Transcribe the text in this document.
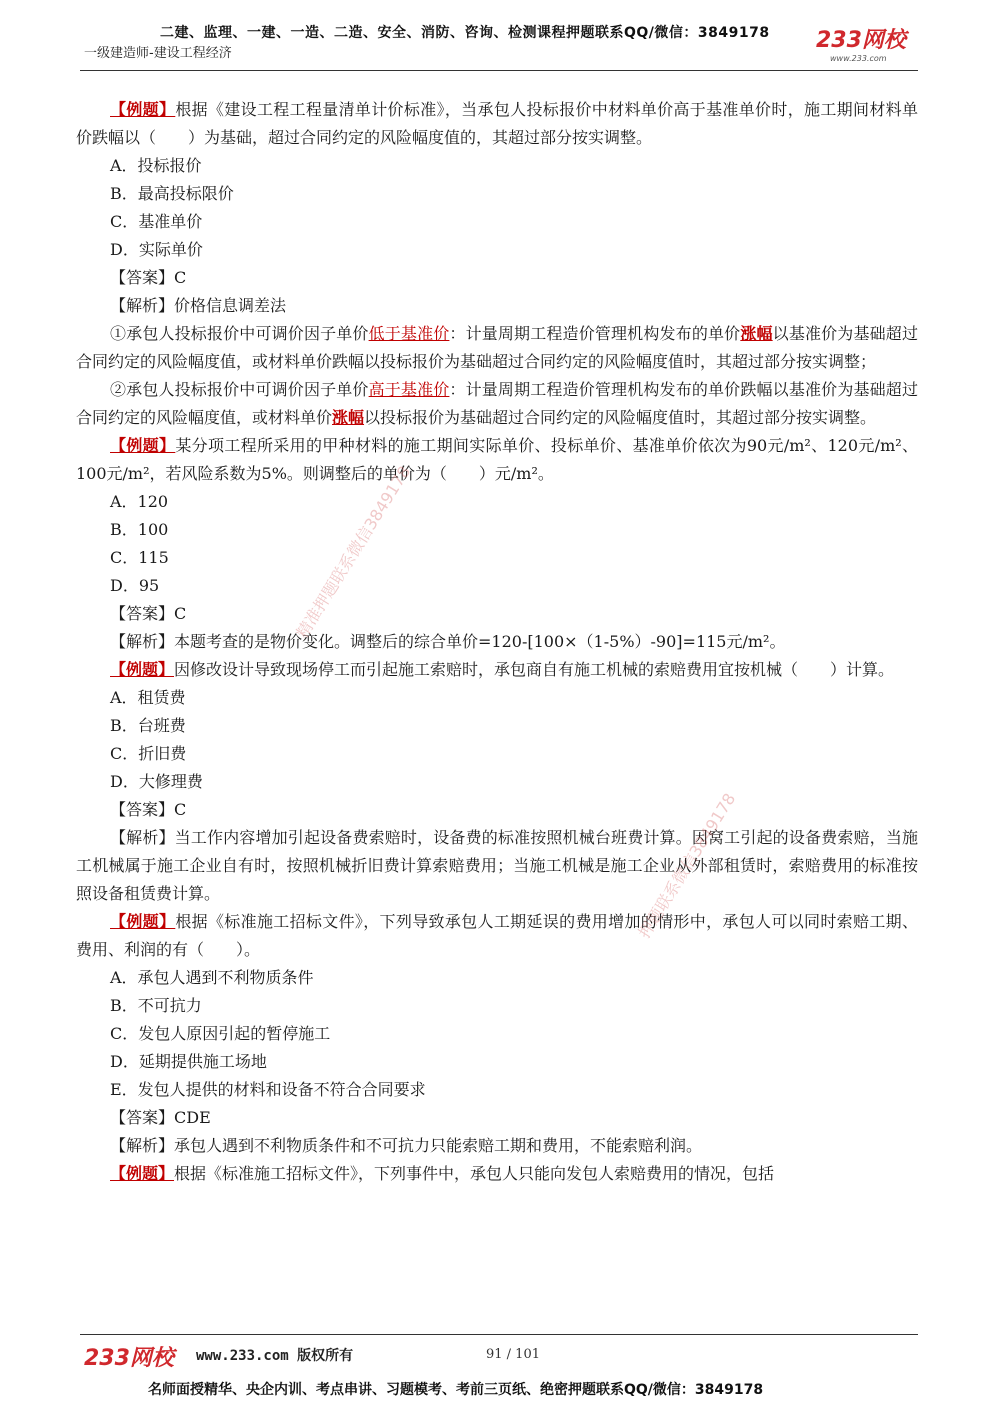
二建、监理、一建、一造、二造、安全、消防、咨询、检测课程押题联系QQ/微信：3849178
一级建造师-建设工程经济
233网校
www.233.com
【例题】根据《建设工程工程量清单计价标准》，当承包人投标报价中材料单价高于基准单价时，施工期间材料单价跌幅以（　　）为基础，超过合同约定的风险幅度值的，其超过部分按实调整。
A．投标报价
B．最高投标限价
C．基准单价
D．实际单价
【答案】C
【解析】价格信息调差法
①承包人投标报价中可调价因子单价低于基准价：计量周期工程造价管理机构发布的单价涨幅以基准价为基础超过合同约定的风险幅度值，或材料单价跌幅以投标报价为基础超过合同约定的风险幅度值时，其超过部分按实调整；
②承包人投标报价中可调价因子单价高于基准价：计量周期工程造价管理机构发布的单价跌幅以基准价为基础超过合同约定的风险幅度值，或材料单价涨幅以投标报价为基础超过合同约定的风险幅度值时，其超过部分按实调整。
【例题】某分项工程所采用的甲种材料的施工期间实际单价、投标单价、基准单价依次为90元/m²、120元/m²、100元/m²，若风险系数为5%。则调整后的单价为（　　）元/m²。
A．120
B．100
C．115
D．95
【答案】C
【解析】本题考查的是物价变化。调整后的综合单价=120-[100×（1-5%）-90]=115元/m²。
【例题】因修改设计导致现场停工而引起施工索赔时，承包商自有施工机械的索赔费用宜按机械（　　）计算。
A．租赁费
B．台班费
C．折旧费
D．大修理费
【答案】C
【解析】当工作内容增加引起设备费索赔时，设备费的标准按照机械台班费计算。因窝工引起的设备费索赔，当施工机械属于施工企业自有时，按照机械折旧费计算索赔费用；当施工机械是施工企业从外部租赁时，索赔费用的标准按照设备租赁费计算。
【例题】根据《标准施工招标文件》，下列导致承包人工期延误的费用增加的情形中，承包人可以同时索赔工期、费用、利润的有（　　）。
A．承包人遇到不利物质条件
B．不可抗力
C．发包人原因引起的暂停施工
D．延期提供施工场地
E．发包人提供的材料和设备不符合合同要求
【答案】CDE
【解析】承包人遇到不利物质条件和不可抗力只能索赔工期和费用，不能索赔利润。
【例题】根据《标准施工招标文件》，下列事件中，承包人只能向发包人索赔费用的情况，包括
精准押题联系微信3849178
押题联系微信3849178
233网校 www.233.com 版权所有	91 / 101
名师面授精华、央企内训、考点串讲、习题模考、考前三页纸、绝密押题联系QQ/微信：3849178
